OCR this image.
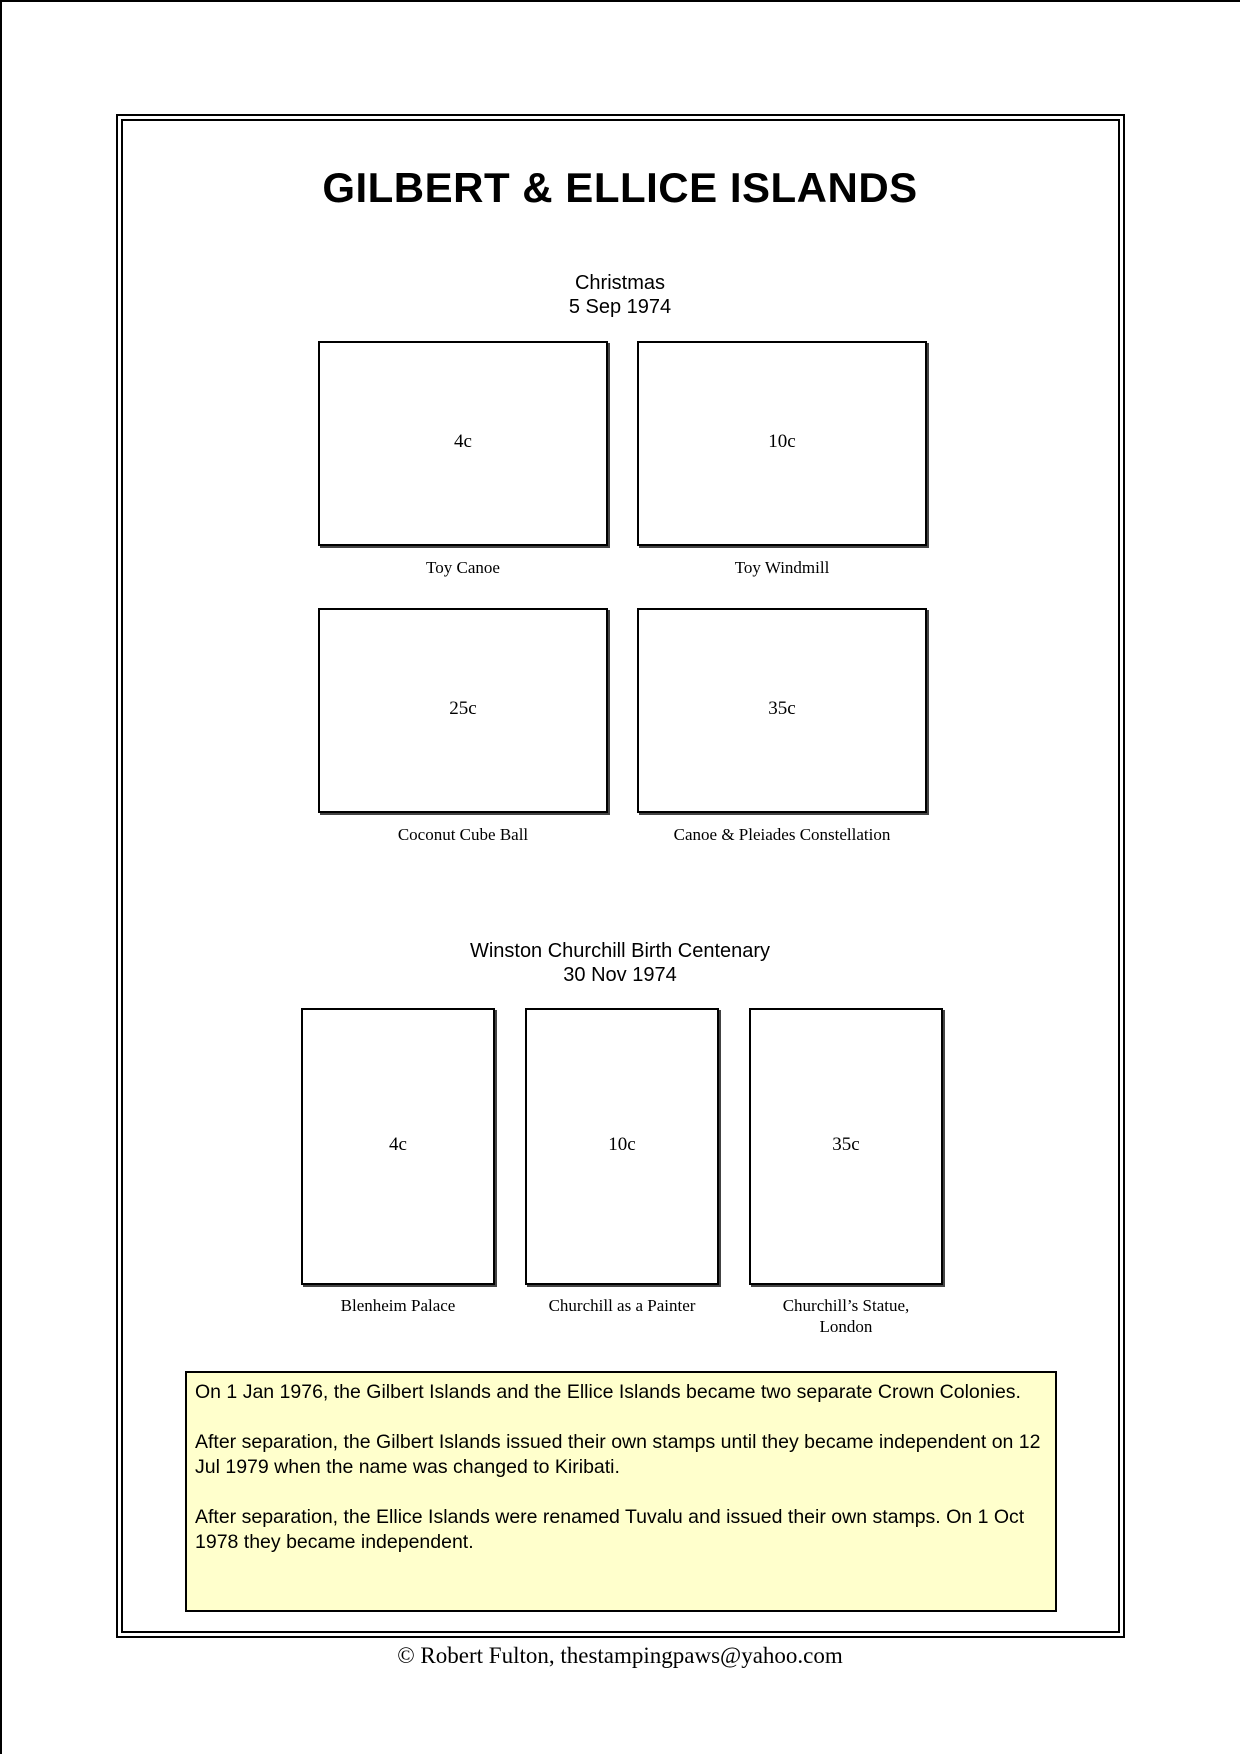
GILBERT & ELLICE ISLANDS
Christmas
5 Sep 1974
4c
Toy Canoe
10c
Toy Windmill
25c
Coconut Cube Ball
35c
Canoe & Pleiades Constellation
Winston Churchill Birth Centenary
30 Nov 1974
4c
Blenheim Palace
10c
Churchill as a Painter
35c
Churchill’s Statue,
London

On 1 Jan 1976, the Gilbert Islands and the Ellice Islands became two separate Crown Colonies.

After separation, the Gilbert Islands issued their own stamps until they became independent on 12 Jul 1979 when the name was changed to Kiribati.

After separation, the Ellice Islands were renamed Tuvalu and issued their own stamps. On 1 Oct 1978 they became independent.

© Robert Fulton, thestampingpaws@yahoo.com
